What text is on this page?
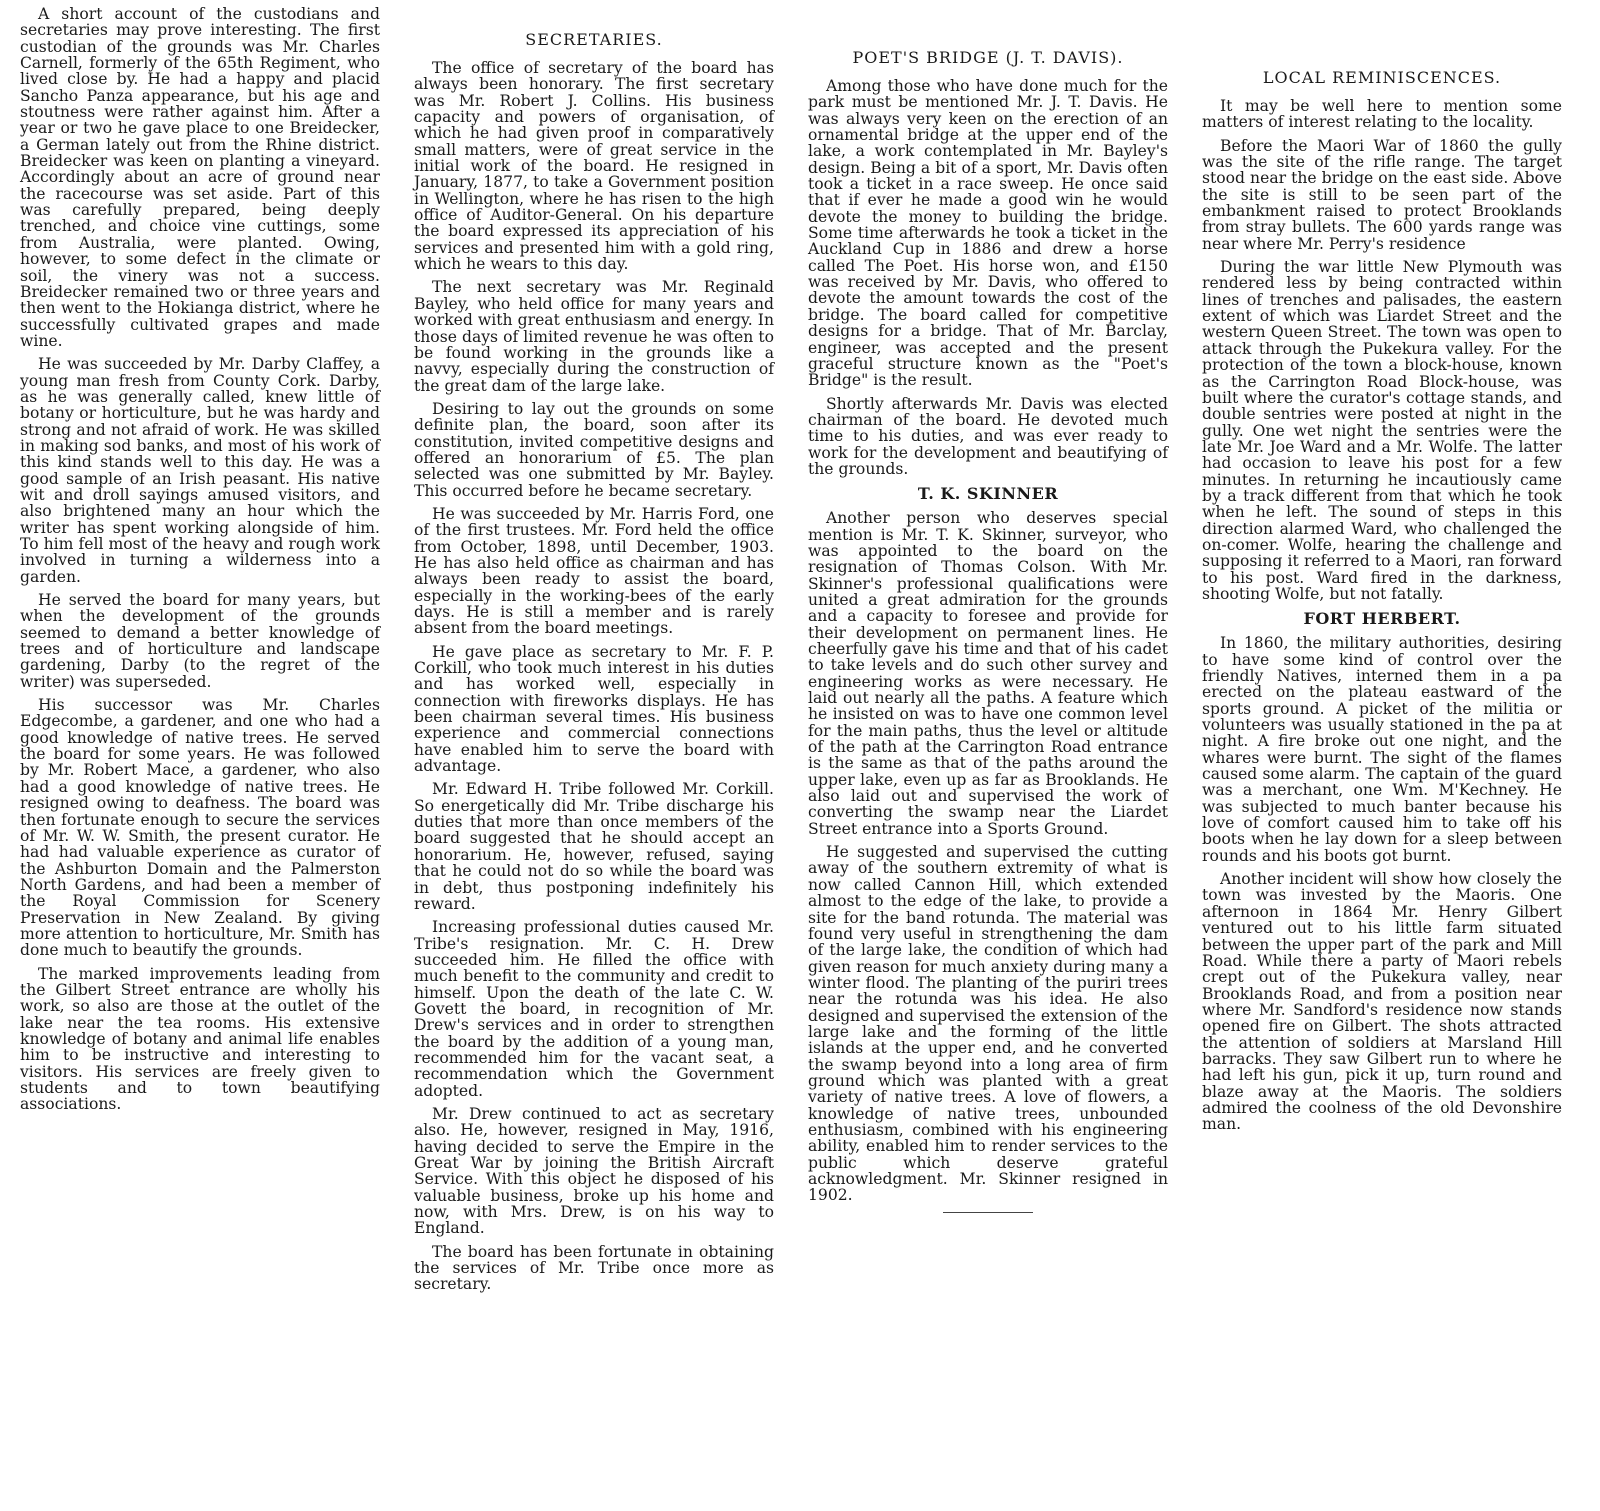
A short account of the custodians and secretaries may prove interesting. The first custodian of the grounds was Mr. Charles Carnell, formerly of the 65th Regiment, who lived close by. He had a happy and placid Sancho Panza appearance, but his age and stoutness were rather against him. After a year or two he gave place to one Breidecker, a German lately out from the Rhine district. Breidecker was keen on planting a vineyard. Accordingly about an acre of ground near the racecourse was set aside. Part of this was carefully prepared, being deeply trenched, and choice vine cuttings, some from Australia, were planted. Owing, however, to some defect in the climate or soil, the vinery was not a success. Breidecker remained two or three years and then went to the Hokianga district, where he successfully cultivated grapes and made wine.

He was succeeded by Mr. Darby Claffey, a young man fresh from County Cork. Darby, as he was generally called, knew little of botany or horticulture, but he was hardy and strong and not afraid of work. He was skilled in making sod banks, and most of his work of this kind stands well to this day. He was a good sample of an Irish peasant. His native wit and droll sayings amused visitors, and also brightened many an hour which the writer has spent working alongside of him. To him fell most of the heavy and rough work involved in turning a wilderness into a garden.

He served the board for many years, but when the development of the grounds seemed to demand a better knowledge of trees and of horticulture and landscape gardening, Darby (to the regret of the writer) was superseded.

His successor was Mr. Charles Edgecombe, a gardener, and one who had a good knowledge of native trees. He served the board for some years. He was followed by Mr. Robert Mace, a gardener, who also had a good knowledge of native trees. He resigned owing to deafness. The board was then fortunate enough to secure the services of Mr. W. W. Smith, the present curator. He had had valuable experience as curator of the Ashburton Domain and the Palmerston North Gardens, and had been a member of the Royal Commission for Scenery Preservation in New Zealand. By giving more attention to horticulture, Mr. Smith has done much to beautify the grounds.

The marked improvements leading from the Gilbert Street entrance are wholly his work, so also are those at the outlet of the lake near the tea rooms. His extensive knowledge of botany and animal life enables him to be instructive and interesting to visitors. His services are freely given to students and to town beautifying associations.

SECRETARIES.

The office of secretary of the board has always been honorary. The first secretary was Mr. Robert J. Collins. His business capacity and powers of organisation, of which he had given proof in comparatively small matters, were of great service in the initial work of the board. He resigned in January, 1877, to take a Government position in Wellington, where he has risen to the high office of Auditor-General. On his departure the board expressed its appreciation of his services and presented him with a gold ring, which he wears to this day.

The next secretary was Mr. Reginald Bayley, who held office for many years and worked with great enthusiasm and energy. In those days of limited revenue he was often to be found working in the grounds like a navvy, especially during the construction of the great dam of the large lake.

Desiring to lay out the grounds on some definite plan, the board, soon after its constitution, invited competitive designs and offered an honorarium of £5. The plan selected was one submitted by Mr. Bayley. This occurred before he became secretary.

He was succeeded by Mr. Harris Ford, one of the first trustees. Mr. Ford held the office from October, 1898, until December, 1903. He has also held office as chairman and has always been ready to assist the board, especially in the working-bees of the early days. He is still a member and is rarely absent from the board meetings.

He gave place as secretary to Mr. F. P. Corkill, who took much interest in his duties and has worked well, especially in connection with fireworks displays. He has been chairman several times. His business experience and commercial connections have enabled him to serve the board with advantage.

Mr. Edward H. Tribe followed Mr. Corkill. So energetically did Mr. Tribe discharge his duties that more than once members of the board suggested that he should accept an honorarium. He, however, refused, saying that he could not do so while the board was in debt, thus postponing indefinitely his reward.

Increasing professional duties caused Mr. Tribe's resignation. Mr. C. H. Drew succeeded him. He filled the office with much benefit to the community and credit to himself. Upon the death of the late C. W. Govett the board, in recognition of Mr. Drew's services and in order to strengthen the board by the addition of a young man, recommended him for the vacant seat, a recommendation which the Government adopted.

Mr. Drew continued to act as secretary also. He, however, resigned in May, 1916, having decided to serve the Empire in the Great War by joining the British Aircraft Service. With this object he disposed of his valuable business, broke up his home and now, with Mrs. Drew, is on his way to England.

The board has been fortunate in obtaining the services of Mr. Tribe once more as secretary.

POET'S BRIDGE (J. T. DAVIS).

Among those who have done much for the park must be mentioned Mr. J. T. Davis. He was always very keen on the erection of an ornamental bridge at the upper end of the lake, a work contemplated in Mr. Bayley's design. Being a bit of a sport, Mr. Davis often took a ticket in a race sweep. He once said that if ever he made a good win he would devote the money to building the bridge. Some time afterwards he took a ticket in the Auckland Cup in 1886 and drew a horse called The Poet. His horse won, and £150 was received by Mr. Davis, who offered to devote the amount towards the cost of the bridge. The board called for competitive designs for a bridge. That of Mr. Barclay, engineer, was accepted and the present graceful structure known as the "Poet's Bridge" is the result.

Shortly afterwards Mr. Davis was elected chairman of the board. He devoted much time to his duties, and was ever ready to work for the development and beautifying of the grounds.

T. K. SKINNER

Another person who deserves special mention is Mr. T. K. Skinner, surveyor, who was appointed to the board on the resignation of Thomas Colson. With Mr. Skinner's professional qualifications were united a great admiration for the grounds and a capacity to foresee and provide for their development on permanent lines. He cheerfully gave his time and that of his cadet to take levels and do such other survey and engineering works as were necessary. He laid out nearly all the paths. A feature which he insisted on was to have one common level for the main paths, thus the level or altitude of the path at the Carrington Road entrance is the same as that of the paths around the upper lake, even up as far as Brooklands. He also laid out and supervised the work of converting the swamp near the Liardet Street entrance into a Sports Ground.

He suggested and supervised the cutting away of the southern extremity of what is now called Cannon Hill, which extended almost to the edge of the lake, to provide a site for the band rotunda. The material was found very useful in strengthening the dam of the large lake, the condition of which had given reason for much anxiety during many a winter flood. The planting of the puriri trees near the rotunda was his idea. He also designed and supervised the extension of the large lake and the forming of the little islands at the upper end, and he converted the swamp beyond into a long area of firm ground which was planted with a great variety of native trees. A love of flowers, a knowledge of native trees, unbounded enthusiasm, combined with his engineering ability, enabled him to render services to the public which deserve grateful acknowledgment. Mr. Skinner resigned in 1902.

LOCAL REMINISCENCES.

It may be well here to mention some matters of interest relating to the locality.

Before the Maori War of 1860 the gully was the site of the rifle range. The target stood near the bridge on the east side. Above the site is still to be seen part of the embankment raised to protect Brooklands from stray bullets. The 600 yards range was near where Mr. Perry's residence

During the war little New Plymouth was rendered less by being contracted within lines of trenches and palisades, the eastern extent of which was Liardet Street and the western Queen Street. The town was open to attack through the Pukekura valley. For the protection of the town a block-house, known as the Carrington Road Block-house, was built where the curator's cottage stands, and double sentries were posted at night in the gully. One wet night the sentries were the late Mr. Joe Ward and a Mr. Wolfe. The latter had occasion to leave his post for a few minutes. In returning he incautiously came by a track different from that which he took when he left. The sound of steps in this direction alarmed Ward, who challenged the on-comer. Wolfe, hearing the challenge and supposing it referred to a Maori, ran forward to his post. Ward fired in the darkness, shooting Wolfe, but not fatally.

FORT HERBERT.

In 1860, the military authorities, desiring to have some kind of control over the friendly Natives, interned them in a pa erected on the plateau eastward of the sports ground. A picket of the militia or volunteers was usually stationed in the pa at night. A fire broke out one night, and the whares were burnt. The sight of the flames caused some alarm. The captain of the guard was a merchant, one Wm. M'Kechney. He was subjected to much banter because his love of comfort caused him to take off his boots when he lay down for a sleep between rounds and his boots got burnt.

Another incident will show how closely the town was invested by the Maoris. One afternoon in 1864 Mr. Henry Gilbert ventured out to his little farm situated between the upper part of the park and Mill Road. While there a party of Maori rebels crept out of the Pukekura valley, near Brooklands Road, and from a position near where Mr. Sandford's residence now stands opened fire on Gilbert. The shots attracted the attention of soldiers at Marsland Hill barracks. They saw Gilbert run to where he had left his gun, pick it up, turn round and blaze away at the Maoris. The soldiers admired the coolness of the old Devonshire man.
